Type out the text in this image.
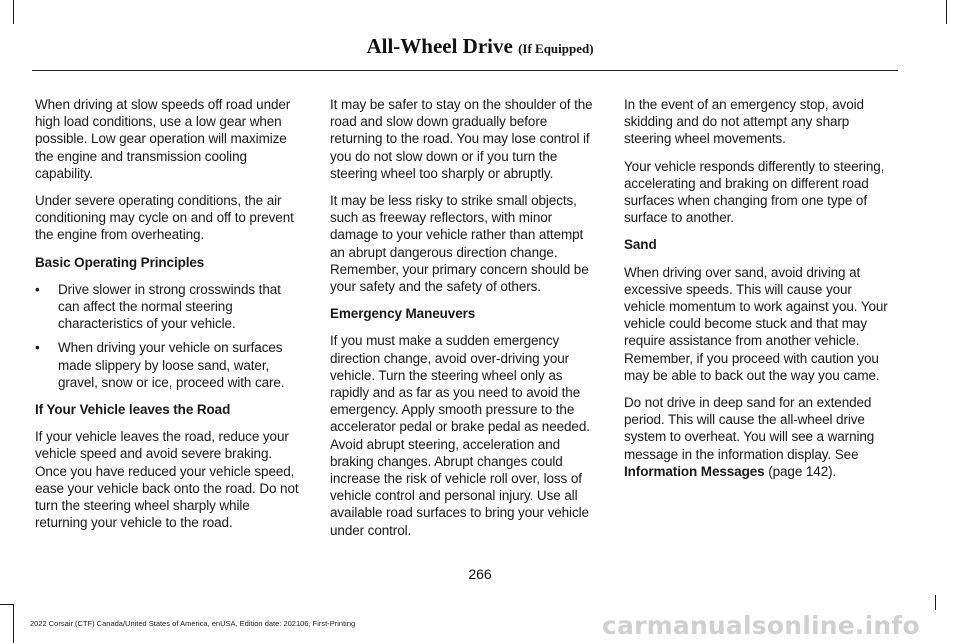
All-Wheel Drive (If Equipped)

When driving at slow speeds off road under high load conditions, use a low gear when possible. Low gear operation will maximize the engine and transmission cooling capability.

Under severe operating conditions, the air conditioning may cycle on and off to prevent the engine from overheating.

Basic Operating Principles
• Drive slower in strong crosswinds that can affect the normal steering characteristics of your vehicle.
• When driving your vehicle on surfaces made slippery by loose sand, water, gravel, snow or ice, proceed with care.
If Your Vehicle leaves the Road

If your vehicle leaves the road, reduce your vehicle speed and avoid severe braking. Once you have reduced your vehicle speed, ease your vehicle back onto the road. Do not turn the steering wheel sharply while returning your vehicle to the road.

It may be safer to stay on the shoulder of the road and slow down gradually before returning to the road. You may lose control if you do not slow down or if you turn the steering wheel too sharply or abruptly.

It may be less risky to strike small objects, such as freeway reflectors, with minor damage to your vehicle rather than attempt an abrupt dangerous direction change. Remember, your primary concern should be your safety and the safety of others.

Emergency Maneuvers

If you must make a sudden emergency direction change, avoid over-driving your vehicle. Turn the steering wheel only as rapidly and as far as you need to avoid the emergency. Apply smooth pressure to the accelerator pedal or brake pedal as needed. Avoid abrupt steering, acceleration and braking changes. Abrupt changes could increase the risk of vehicle roll over, loss of vehicle control and personal injury. Use all available road surfaces to bring your vehicle under control.

In the event of an emergency stop, avoid skidding and do not attempt any sharp steering wheel movements.

Your vehicle responds differently to steering, accelerating and braking on different road surfaces when changing from one type of surface to another.

Sand

When driving over sand, avoid driving at excessive speeds. This will cause your vehicle momentum to work against you. Your vehicle could become stuck and that may require assistance from another vehicle. Remember, if you proceed with caution you may be able to back out the way you came.

Do not drive in deep sand for an extended period. This will cause the all-wheel drive system to overheat. You will see a warning message in the information display. See Information Messages (page 142).

266
2022 Corsair (CTF) Canada/United States of America, enUSA, Edition date: 202106, First-Printing	carmanualsonline.info
